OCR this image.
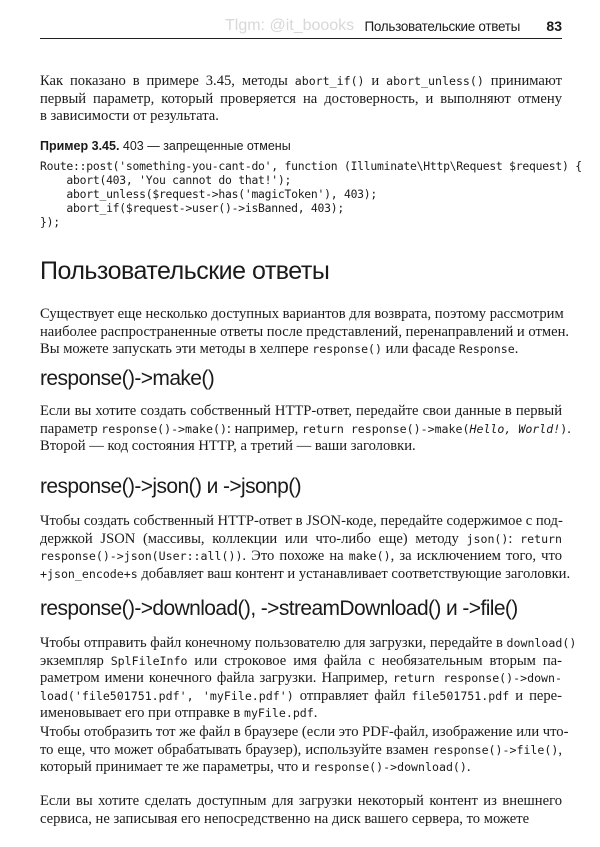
Tlgm: @it_boooks Пользовательские ответы 83
Как показано в примере 3.45, методы abort_if() и abort_unless() принимают
первый параметр, который проверяется на достоверность, и выполняют отмену
в зависимости от результата.
Пример 3.45. 403 — запрещенные отмены
Route::post('something-you-cant-do', function (Illuminate\Http\Request $request) {
abort(403, 'You cannot do that!');
abort_unless($request->has('magicToken'), 403);
abort_if($request->user()->isBanned, 403);
});
Пользовательские ответы
Существует еще несколько доступных вариантов для возврата, поэтому рассмотрим
наиболее распространенные ответы после представлений, перенаправлений и отмен.
Вы можете запускать эти методы в хелпере response() или фасаде Response.
response()->make()
Если вы хотите создать собственный HTTP-ответ, передайте свои данные в первый
параметр response()->make(): например, return response()->make(Hello, World!).
Второй — код состояния HTTP, а третий — ваши заголовки.
response()->json() и ->jsonp()
Чтобы создать собственный HTTP-ответ в JSON-коде, передайте содержимое с под-
держкой JSON (массивы, коллекции или что-либо еще) методу json(): return
response()->json(User::all()). Это похоже на make(), за исключением того, что
+json_encode+s добавляет ваш контент и устанавливает соответствующие заголовки.
response()->download(), ->streamDownload() и ->file()
Чтобы отправить файл конечному пользователю для загрузки, передайте в download()
экземпляр SplFileInfo или строковое имя файла с необязательным вторым па-
раметром имени конечного файла загрузки. Например, return response()->down-
load('file501751.pdf', 'myFile.pdf') отправляет файл file501751.pdf и пере-
именовывает его при отправке в myFile.pdf.
Чтобы отобразить тот же файл в браузере (если это PDF-файл, изображение или что-
то еще, что может обрабатывать браузер), используйте взамен response()->file(),
который принимает те же параметры, что и response()->download().
Если вы хотите сделать доступным для загрузки некоторый контент из внешнего
сервиса, не записывая его непосредственно на диск вашего сервера, то можете
